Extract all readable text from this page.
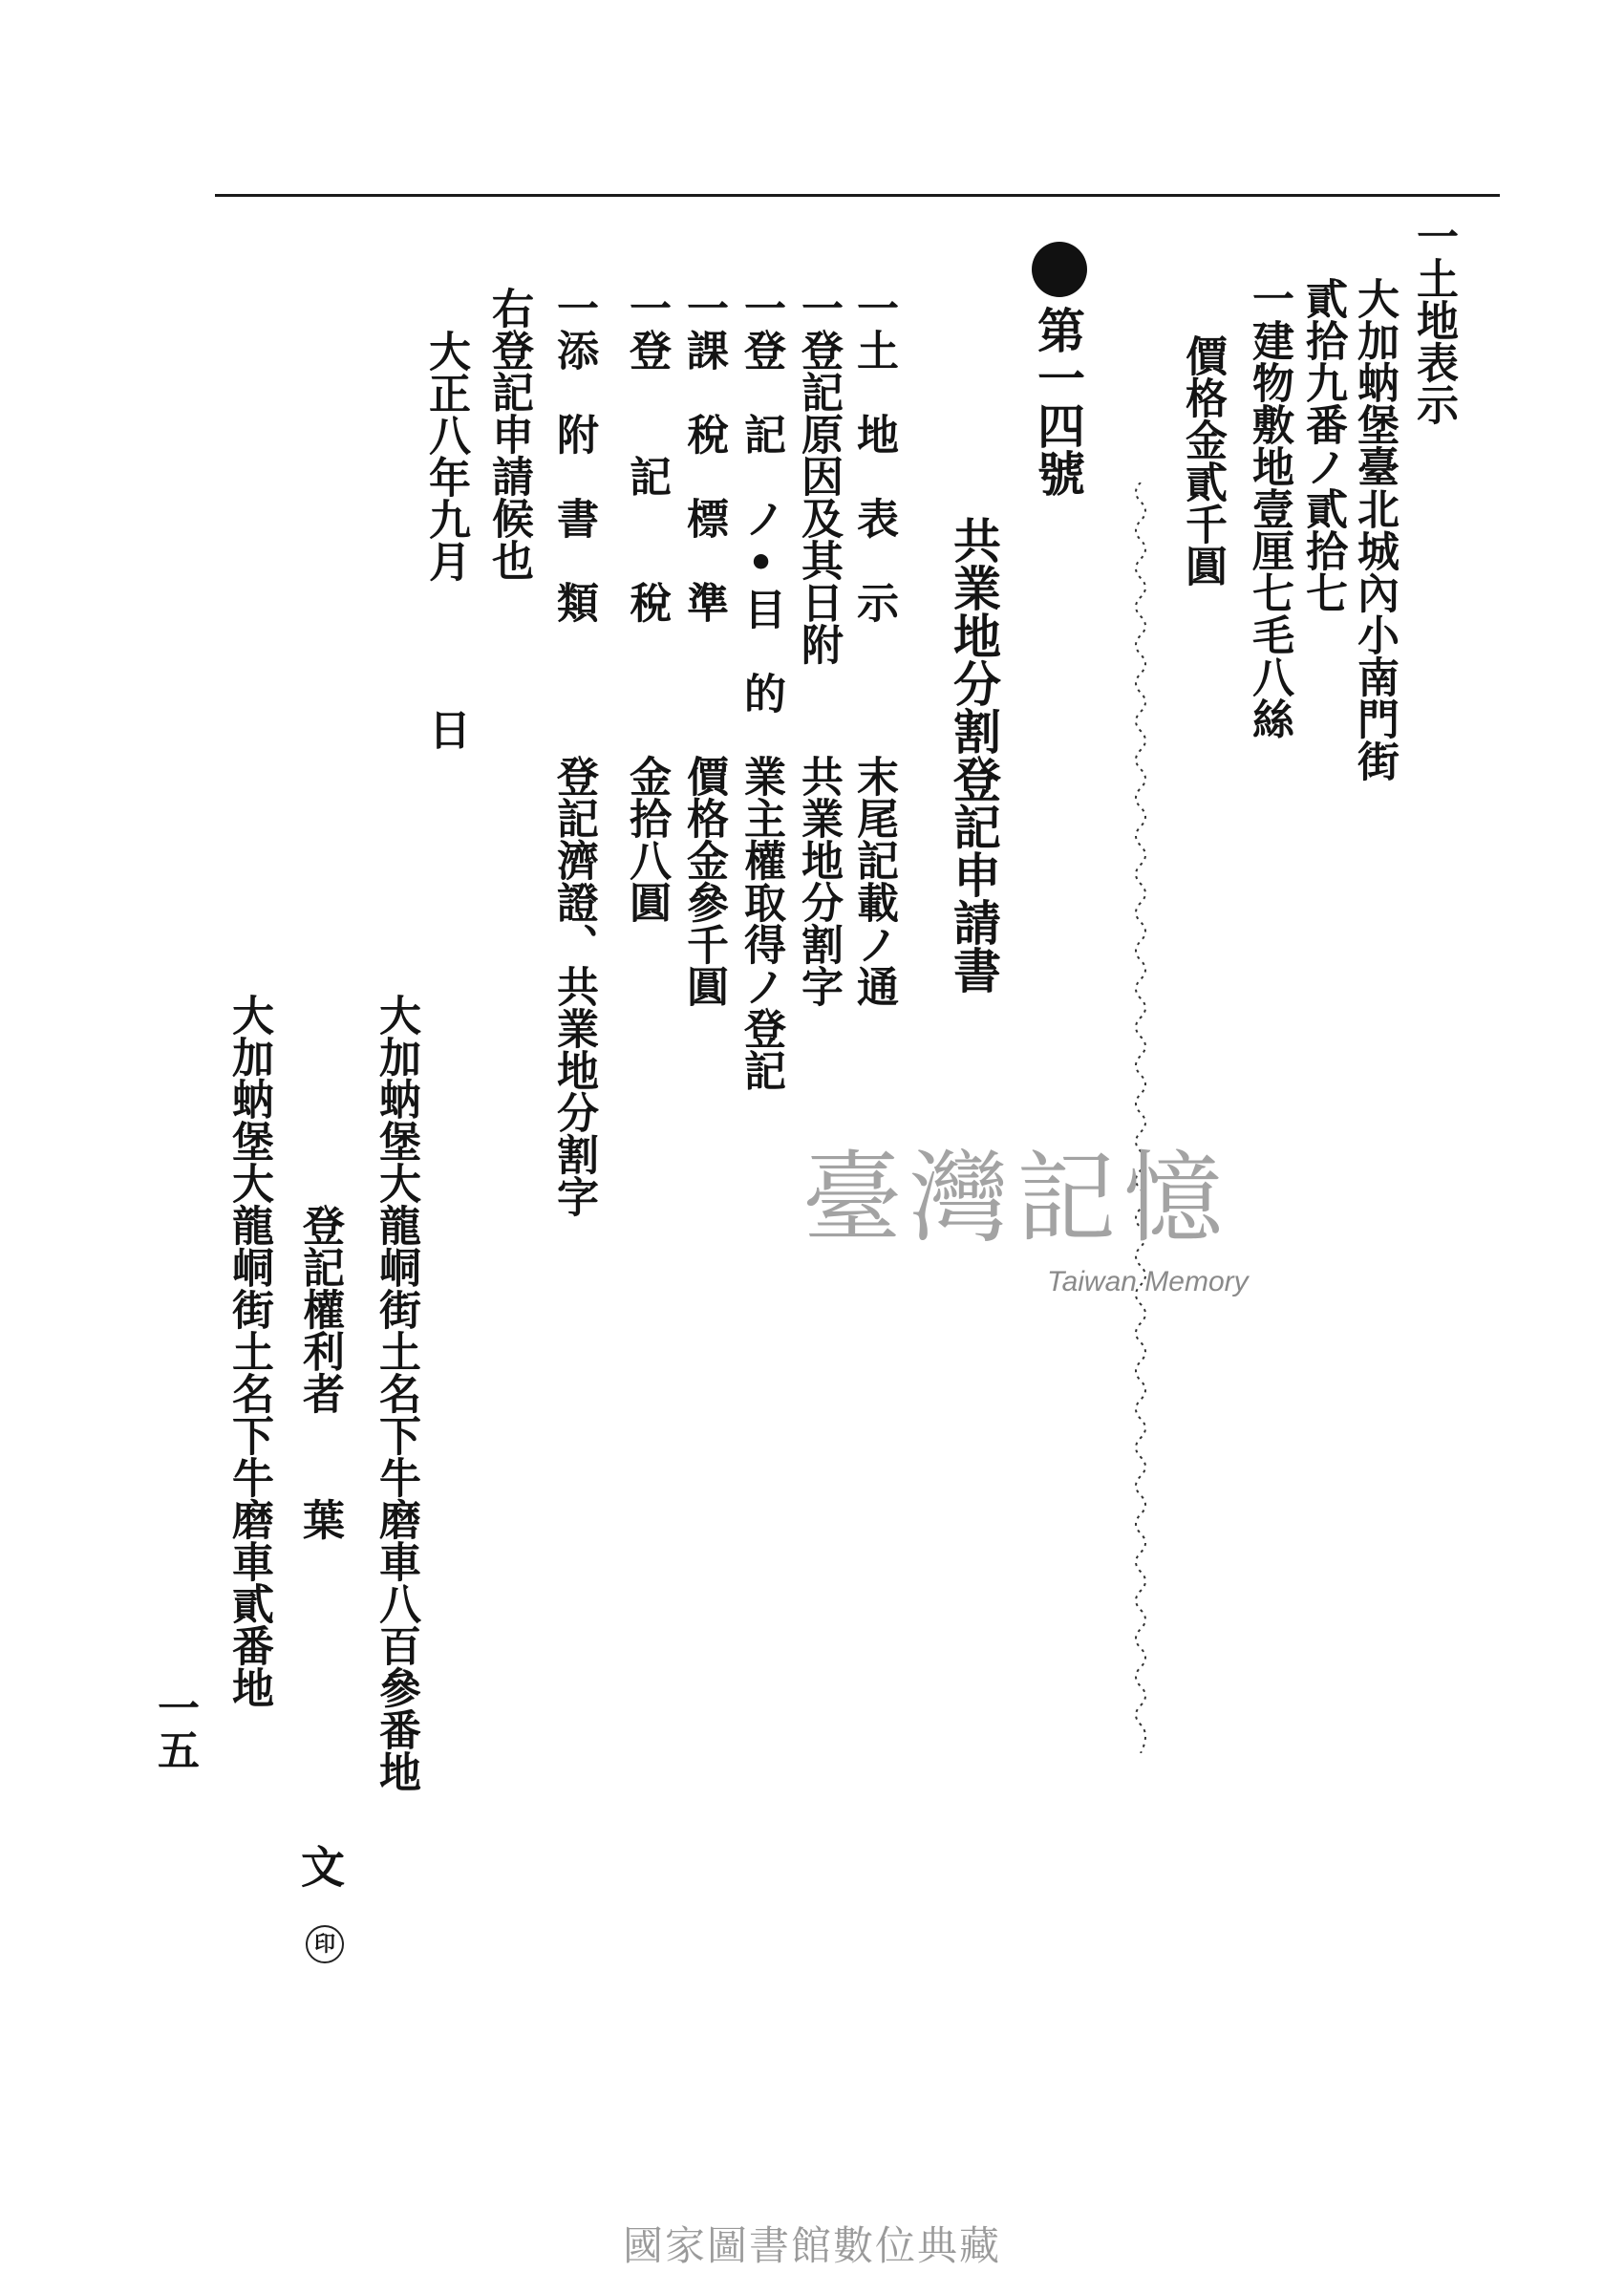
一土地表示
大加蚋堡臺北城內小南門街
貳拾九番ノ貳拾七
一建物敷地壹厘七毛八絲
價格金貳千圓
第一四號
共業地分割登記申請書
一土　地　表　示
一登記原因及其日附
一登　記　ノ•目　的
一課　稅　標　準
一登　　記　　稅
一添　附　書　類
末尾記載ノ通
共業地分割字
業主權取得ノ登記
價格金參千圓
金拾八圓
登記濟證、共業地分割字
右登記申請候也
大正八年九月　　　日
大加蚋堡大龍峒街土名下牛磨車八百參番地
登記權利者　　葉
文
印
大加蚋堡大龍峒街土名下牛磨車貳番地
一五
臺灣記憶
Taiwan Memory
國家圖書館數位典藏
